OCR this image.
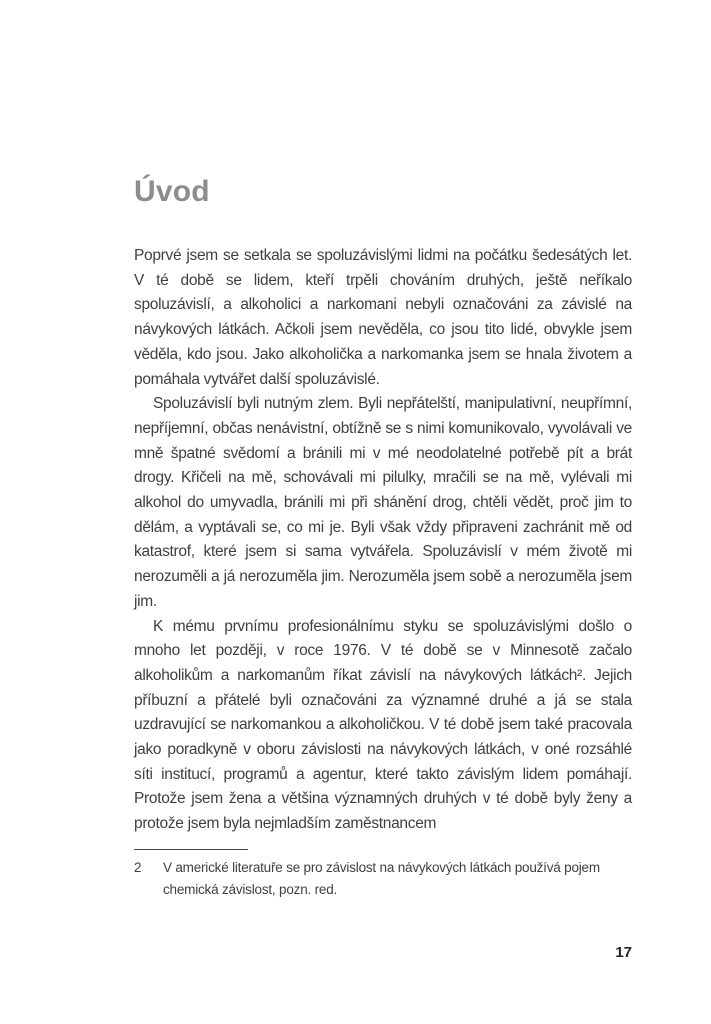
Úvod

Poprvé jsem se setkala se spoluzávislými lidmi na počátku šedesátých let. V té době se lidem, kteří trpěli chováním druhých, ještě neříkalo spoluzávislí, a alkoholici a narkomani nebyli označováni za závislé na návykových látkách. Ačkoli jsem nevěděla, co jsou tito lidé, obvykle jsem věděla, kdo jsou. Jako alkoholička a narkomanka jsem se hnala životem a pomáhala vytvářet další spoluzávislé.

Spoluzávislí byli nutným zlem. Byli nepřátelští, manipulativní, neupřímní, nepříjemní, občas nenávistní, obtížně se s nimi komunikovalo, vyvolávali ve mně špatné svědomí a bránili mi v mé neodolatelné potřebě pít a brát drogy. Křičeli na mě, schovávali mi pilulky, mračili se na mě, vylévali mi alkohol do umyvadla, bránili mi při shánění drog, chtěli vědět, proč jim to dělám, a vyptávali se, co mi je. Byli však vždy připraveni zachránit mě od katastrof, které jsem si sama vytvářela. Spoluzávislí v mém životě mi nerozuměli a já nerozuměla jim. Nerozuměla jsem sobě a nerozuměla jsem jim.

K mému prvnímu profesionálnímu styku se spoluzávislými došlo o mnoho let později, v roce 1976. V té době se v Minnesotě začalo alkoholikům a narkomanům říkat závislí na návykových látkách². Jejich příbuzní a přátelé byli označováni za významné druhé a já se stala uzdravující se narkomankou a alkoholičkou. V té době jsem také pracovala jako poradkyně v oboru závislosti na návykových látkách, v oné rozsáhlé síti institucí, programů a agentur, které takto závislým lidem pomáhají. Protože jsem žena a většina významných druhých v té době byly ženy a protože jsem byla nejmladším zaměstnancem

2	V americké literatuře se pro závislost na návykových látkách používá pojem chemická závislost, pozn. red.
17
